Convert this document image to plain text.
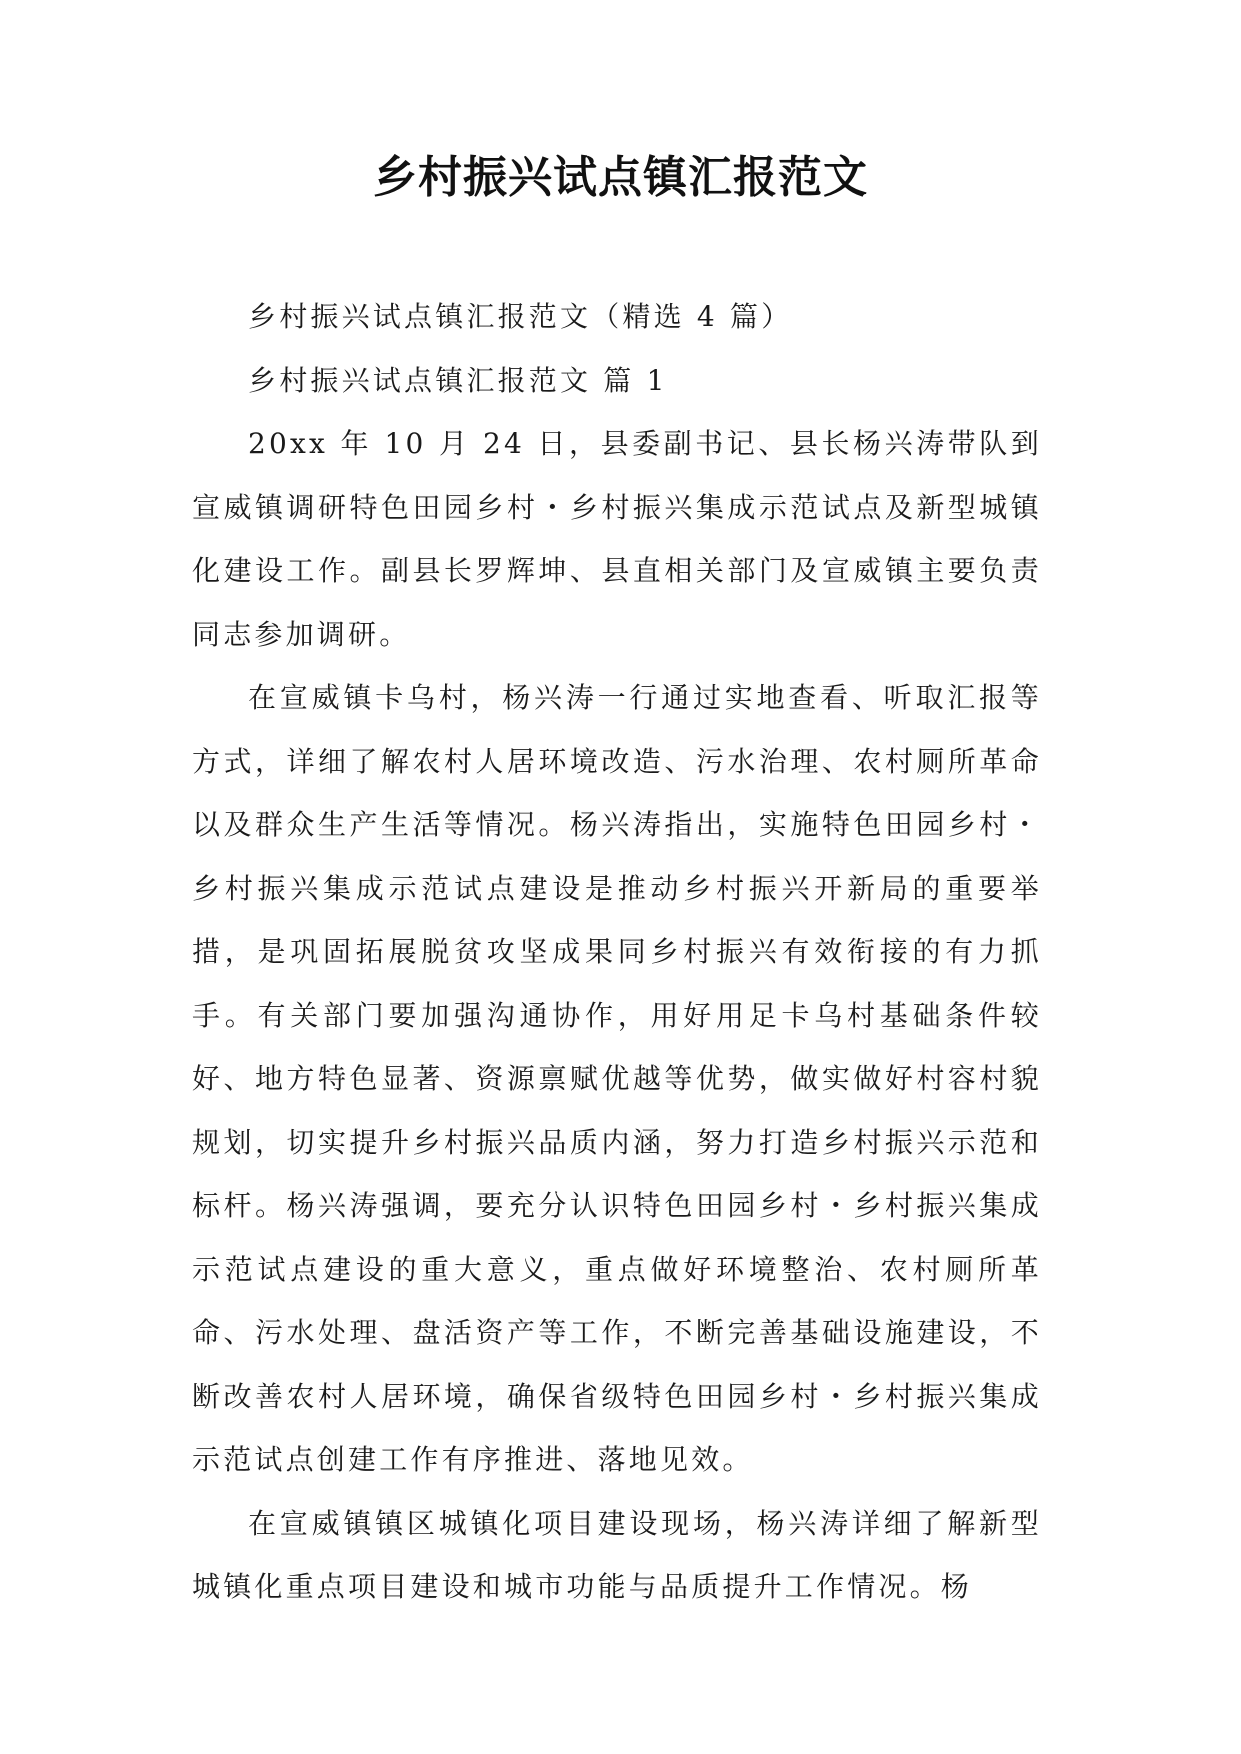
乡村振兴试点镇汇报范文

乡村振兴试点镇汇报范文（精选 4 篇）

乡村振兴试点镇汇报范文 篇 1

20xx 年 10 月 24 日，县委副书记、县长杨兴涛带队到宣威镇调研特色田园乡村・乡村振兴集成示范试点及新型城镇化建设工作。副县长罗辉坤、县直相关部门及宣威镇主要负责同志参加调研。

在宣威镇卡乌村，杨兴涛一行通过实地查看、听取汇报等方式，详细了解农村人居环境改造、污水治理、农村厕所革命以及群众生产生活等情况。杨兴涛指出，实施特色田园乡村・乡村振兴集成示范试点建设是推动乡村振兴开新局的重要举措，是巩固拓展脱贫攻坚成果同乡村振兴有效衔接的有力抓手。有关部门要加强沟通协作，用好用足卡乌村基础条件较好、地方特色显著、资源禀赋优越等优势，做实做好村容村貌规划，切实提升乡村振兴品质内涵，努力打造乡村振兴示范和标杆。杨兴涛强调，要充分认识特色田园乡村・乡村振兴集成示范试点建设的重大意义，重点做好环境整治、农村厕所革命、污水处理、盘活资产等工作，不断完善基础设施建设，不断改善农村人居环境，确保省级特色田园乡村・乡村振兴集成示范试点创建工作有序推进、落地见效。

在宣威镇镇区城镇化项目建设现场，杨兴涛详细了解新型城镇化重点项目建设和城市功能与品质提升工作情况。杨
